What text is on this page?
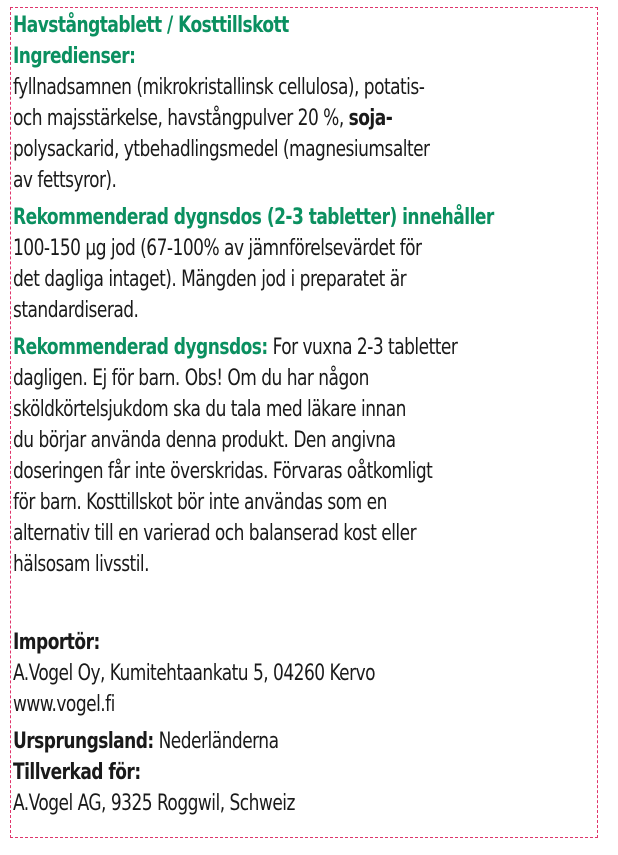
Havstångtablett / Kosttillskott
Ingredienser:
fyllnadsamnen (mikrokristallinsk cellulosa), potatis-
och majsstärkelse, havstångpulver 20 %, soja-
polysackarid, ytbehadlingsmedel (magnesiumsalter
av fettsyror).
Rekommenderad dygnsdos (2-3 tabletter) innehåller
100-150 µg jod (67-100% av jämnförelsevärdet för
det dagliga intaget). Mängden jod i preparatet är
standardiserad.
Rekommenderad dygnsdos: For vuxna 2-3 tabletter
dagligen. Ej för barn. Obs! Om du har någon
sköldkörtelsjukdom ska du tala med läkare innan
du börjar använda denna produkt. Den angivna
doseringen får inte överskridas. Förvaras oåtkomligt
för barn. Kosttillskot bör inte användas som en
alternativ till en varierad och balanserad kost eller
hälsosam livsstil.
Importör:
A.Vogel Oy, Kumitehtaankatu 5, 04260 Kervo
www.vogel.fi
Ursprungsland: Nederländerna
Tillverkad för:
A.Vogel AG, 9325 Roggwil, Schweiz
